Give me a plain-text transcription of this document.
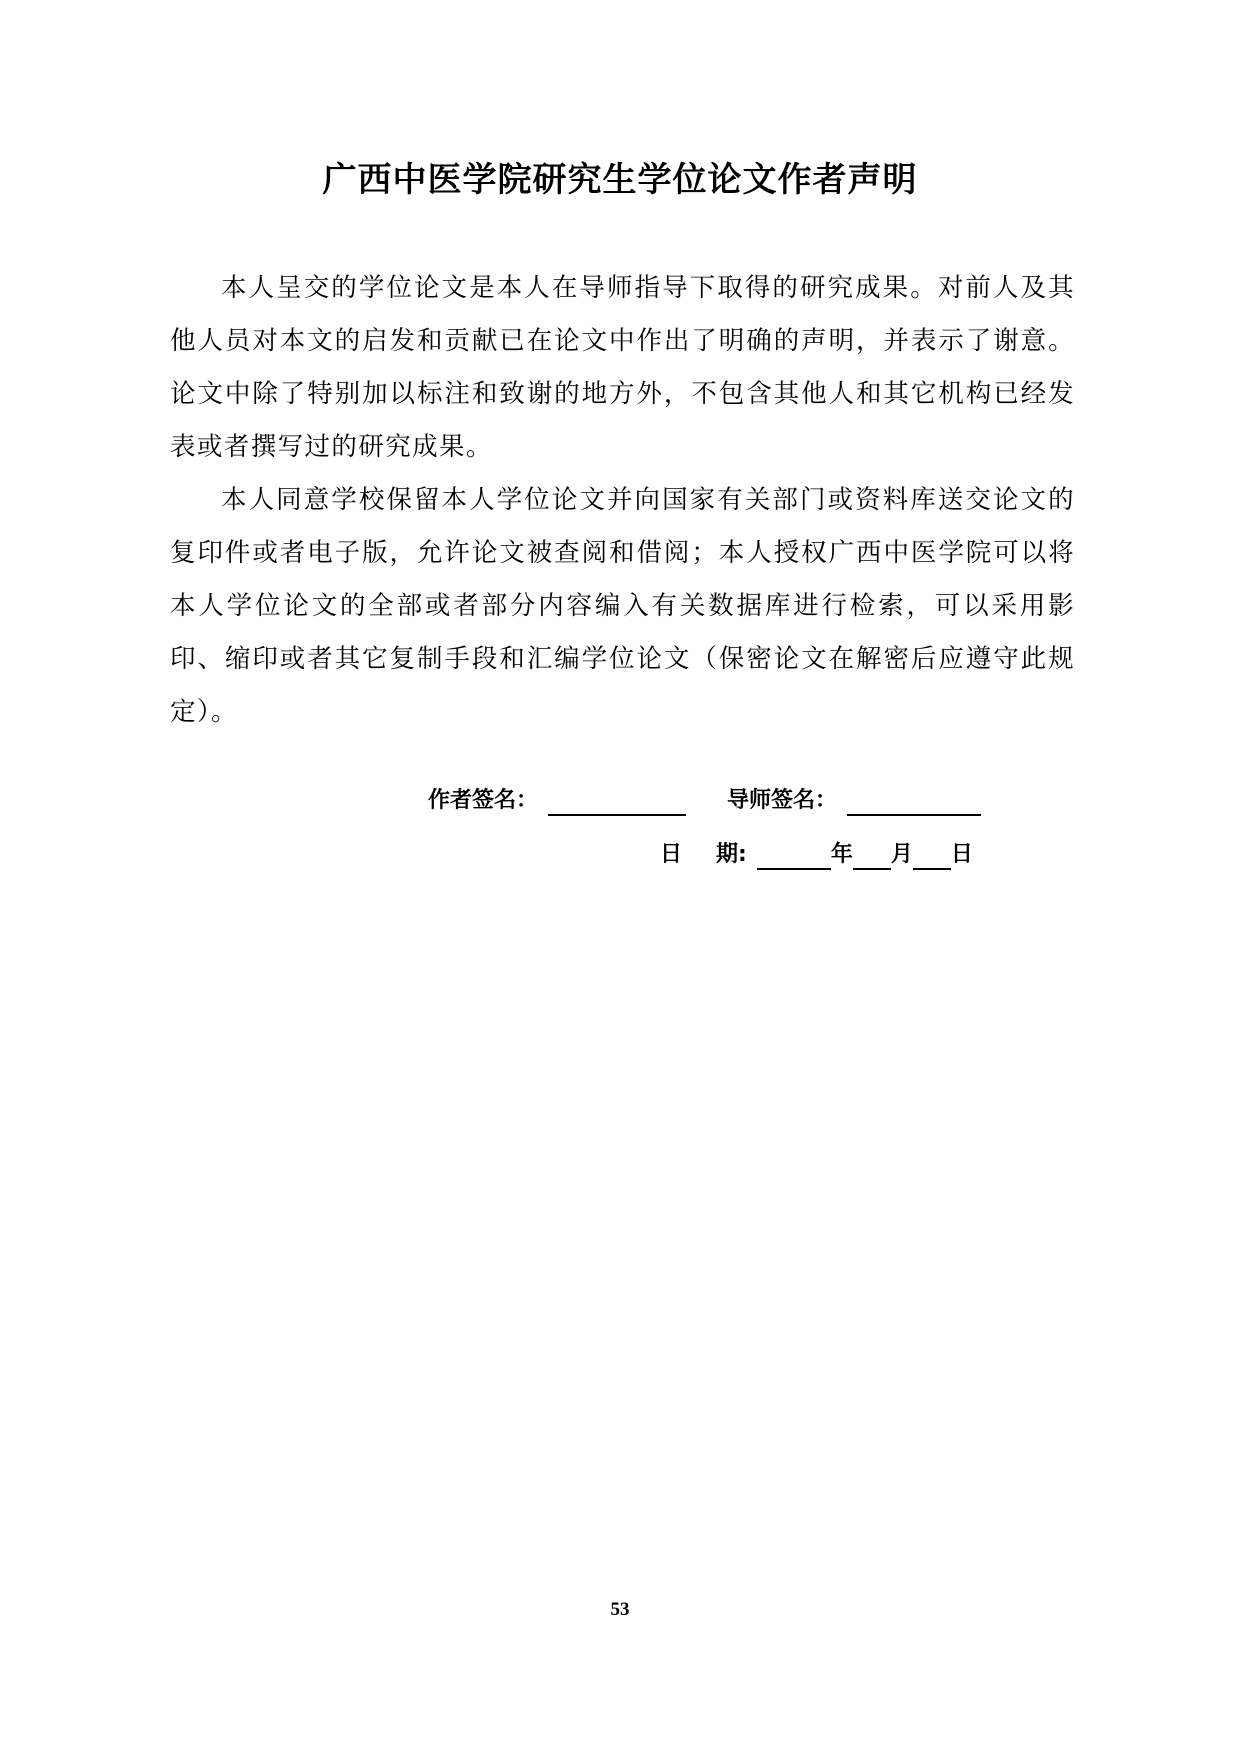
广西中医学院研究生学位论文作者声明

本人呈交的学位论文是本人在导师指导下取得的研究成果。对前人及其他人员对本文的启发和贡献已在论文中作出了明确的声明，并表示了谢意。论文中除了特别加以标注和致谢的地方外，不包含其他人和其它机构已经发表或者撰写过的研究成果。

本人同意学校保留本人学位论文并向国家有关部门或资料库送交论文的复印件或者电子版，允许论文被查阅和借阅；本人授权广西中医学院可以将本人学位论文的全部或者部分内容编入有关数据库进行检索，可以采用影印、缩印或者其它复制手段和汇编学位论文（保密论文在解密后应遵守此规定）。

作者签名：	导师签名：
日 期:	年 月 日
53
